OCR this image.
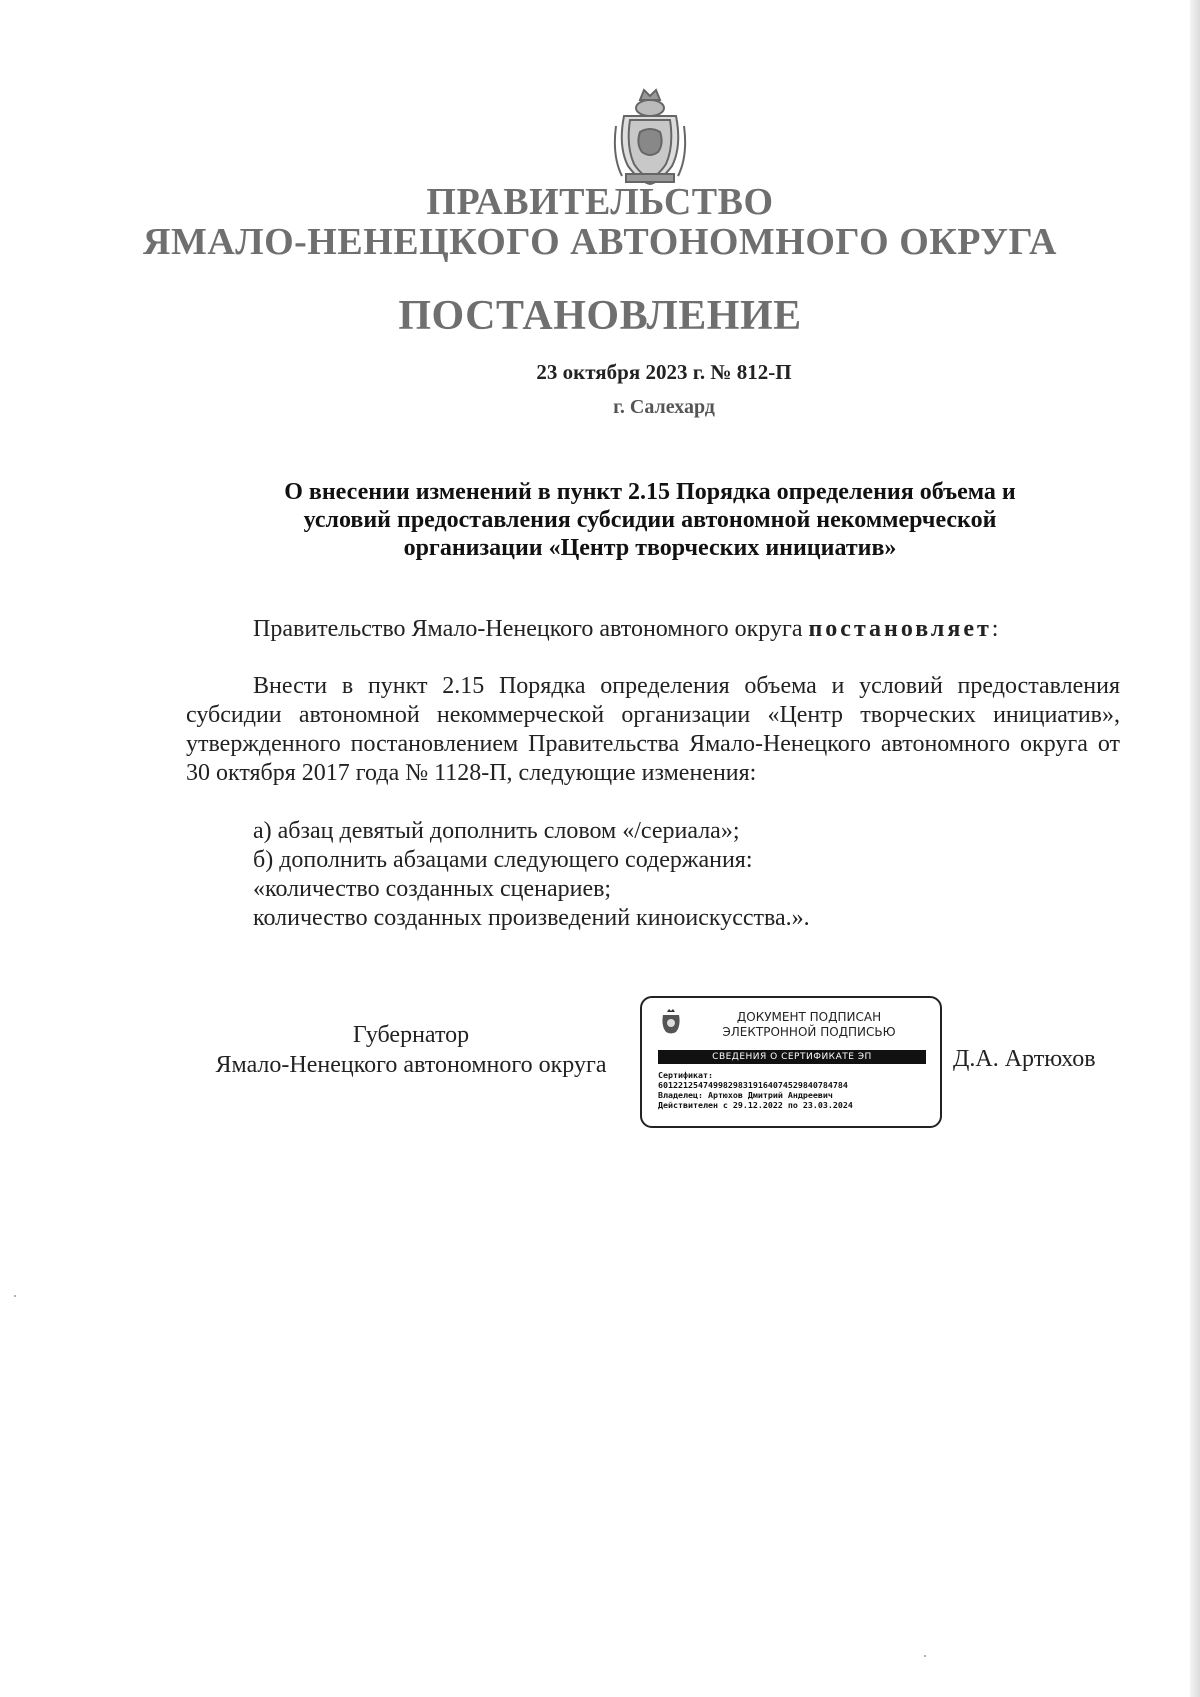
ПРАВИТЕЛЬСТВО
ЯМАЛО-НЕНЕЦКОГО АВТОНОМНОГО ОКРУГА
ПОСТАНОВЛЕНИЕ
23 октября 2023 г. № 812-П
г. Салехард
О внесении изменений в пункт 2.15 Порядка определения объема и
условий предоставления субсидии автономной некоммерческой
организации «Центр творческих инициатив»
Правительство Ямало-Ненецкого автономного округа постановляет:
Внести в пункт 2.15 Порядка определения объема и условий предоставления субсидии автономной некоммерческой организации «Центр творческих инициатив», утвержденного постановлением Правительства Ямало-Ненецкого автономного округа от 30 октября 2017 года № 1128-П, следующие изменения:
а) абзац девятый дополнить словом «/сериала»;
б) дополнить абзацами следующего содержания:
«количество созданных сценариев;
количество созданных произведений киноискусства.».
Губернатор
Ямало-Ненецкого автономного округа
ДОКУМЕНТ ПОДПИСАН
ЭЛЕКТРОННОЙ ПОДПИСЬЮ
СВЕДЕНИЯ О СЕРТИФИКАТЕ ЭП
Сертификат:
601221254749982983191640745298407847​84
Владелец: Артюхов Дмитрий Андреевич
Действителен с 29.12.2022 по 23.03.2024
Д.А. Артюхов
